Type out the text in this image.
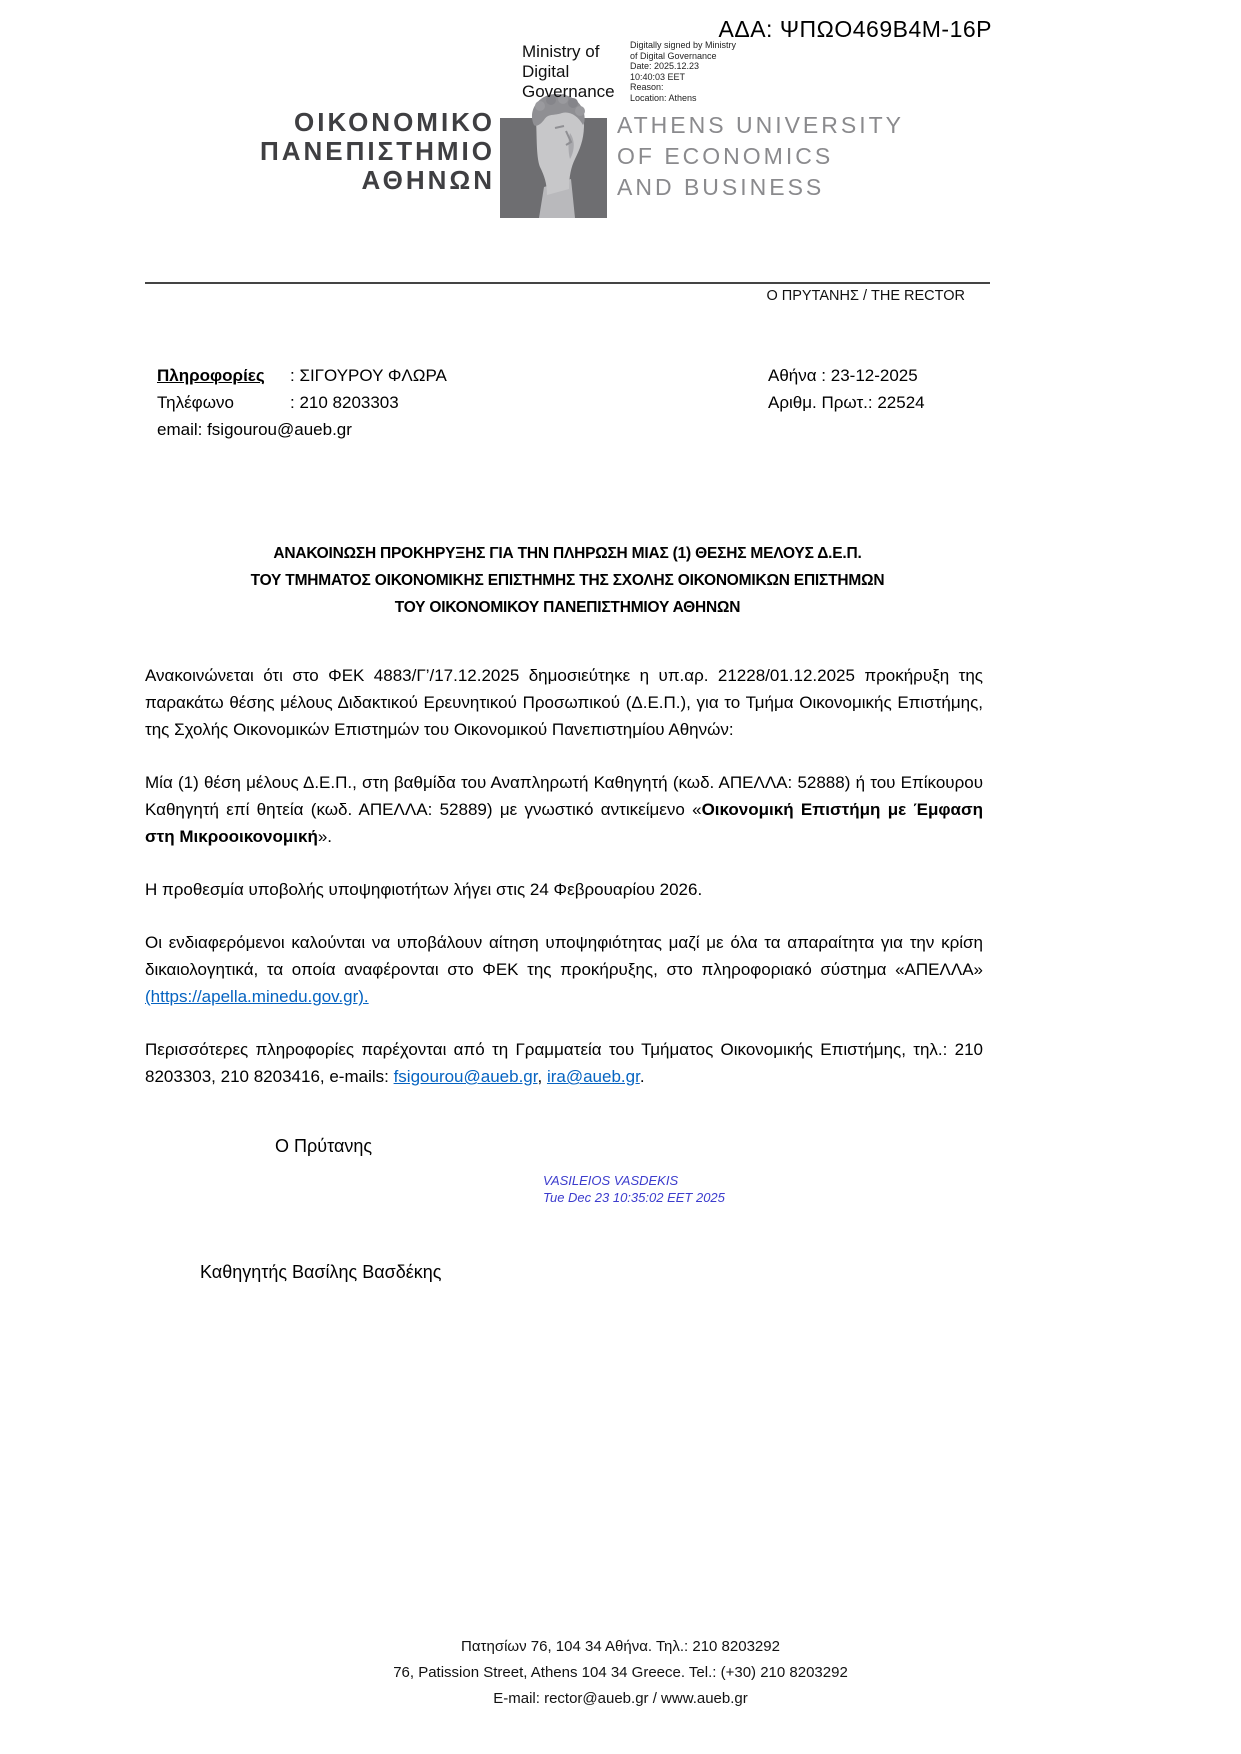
ΑΔΑ: ΨΠΩΟ469Β4Μ-16Ρ
Ministry of
Digital
Governance
Digitally signed by Ministry
of Digital Governance
Date: 2025.12.23
10:40:03 EET
Reason:
Location: Athens
ΟΙΚΟΝΟΜΙΚΟ
ΠΑΝΕΠΙΣΤΗΜΙΟ
ΑΘΗΝΩΝ
ATHENS UNIVERSITY
OF ECONOMICS
AND BUSINESS
Ο ΠΡΥΤΑΝΗΣ / THE RECTOR
Πληροφορίες	: ΣΙΓΟΥΡΟΥ ΦΛΩΡΑ
Τηλέφωνο	: 210 8203303
email: fsigourou@aueb.gr
Αθήνα : 23-12-2025
Αριθμ. Πρωτ.: 22524
ΑΝΑΚΟΙΝΩΣΗ ΠΡΟΚΗΡΥΞΗΣ ΓΙΑ ΤΗΝ ΠΛΗΡΩΣΗ ΜΙΑΣ (1) ΘΕΣΗΣ ΜΕΛΟΥΣ Δ.Ε.Π.
ΤΟΥ ΤΜΗΜΑΤΟΣ ΟΙΚΟΝΟΜΙΚΗΣ ΕΠΙΣΤΗΜΗΣ ΤΗΣ ΣΧΟΛΗΣ ΟΙΚΟΝΟΜΙΚΩΝ ΕΠΙΣΤΗΜΩΝ
ΤΟΥ ΟΙΚΟΝΟΜΙΚΟΥ ΠΑΝΕΠΙΣΤΗΜΙΟΥ ΑΘΗΝΩΝ

Ανακοινώνεται ότι στο ΦΕΚ 4883/Γ’/17.12.2025 δημοσιεύτηκε η υπ.αρ. 21228/01.12.2025 προκήρυξη της παρακάτω θέσης μέλους Διδακτικού Ερευνητικού Προσωπικού (Δ.Ε.Π.), για το Τμήμα Οικονομικής Επιστήμης, της Σχολής Οικονομικών Επιστημών του Οικονομικού Πανεπιστημίου Αθηνών:

Μία (1) θέση μέλους Δ.Ε.Π., στη βαθμίδα του Αναπληρωτή Καθηγητή (κωδ. ΑΠΕΛΛΑ: 52888) ή του Επίκουρου Καθηγητή επί θητεία (κωδ. ΑΠΕΛΛΑ: 52889) με γνωστικό αντικείμενο «Οικονομική Επιστήμη με Έμφαση στη Μικροοικονομική».

Η προθεσμία υποβολής υποψηφιοτήτων λήγει στις 24 Φεβρουαρίου 2026.

Οι ενδιαφερόμενοι καλούνται να υποβάλουν αίτηση υποψηφιότητας μαζί με όλα τα απαραίτητα για την κρίση δικαιολογητικά, τα οποία αναφέρονται στο ΦΕΚ της προκήρυξης, στο πληροφοριακό σύστημα «ΑΠΕΛΛΑ» (https://apella.minedu.gov.gr).

Περισσότερες πληροφορίες παρέχονται από τη Γραμματεία του Τμήματος Οικονομικής Επιστήμης, τηλ.: 210 8203303, 210 8203416, e-mails: fsigourou@aueb.gr, ira@aueb.gr.

Ο Πρύτανης
VASILEIOS VASDEKIS
Tue Dec 23 10:35:02 EET 2025
Καθηγητής Βασίλης Βασδέκης
Πατησίων 76, 104 34 Αθήνα. Τηλ.: 210 8203292
76, Patission Street, Athens 104 34 Greece. Tel.: (+30) 210 8203292
E-mail: rector@aueb.gr / www.aueb.gr
